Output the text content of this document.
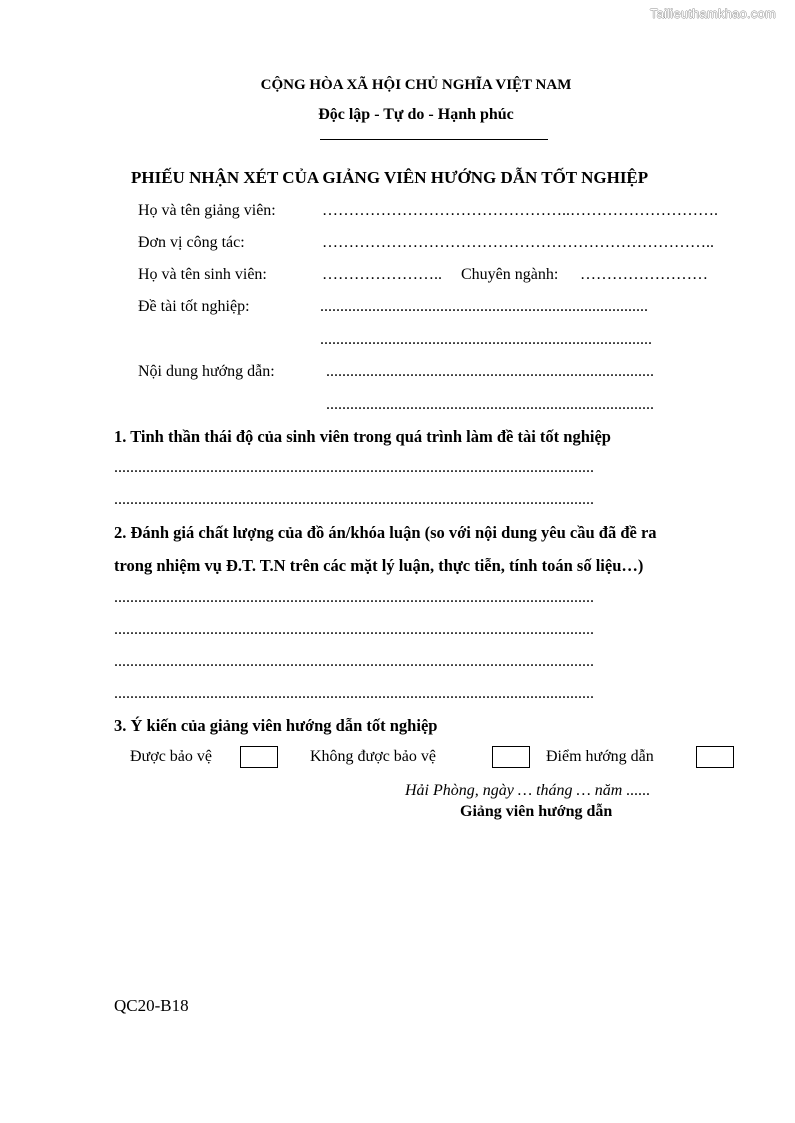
Tailieuthamkhao.com
CỘNG HÒA XÃ HỘI CHỦ NGHĨA VIỆT NAM
Độc lập - Tự do - Hạnh phúc
PHIẾU NHẬN XÉT CỦA GIẢNG VIÊN HƯỚNG DẪN TỐT NGHIỆP
Họ và tên giảng viên:	………………………………………..……………………….
Đơn vị công tác:	………………………………………………………………..
Họ và tên sinh viên:	………………….. Chuyên ngành: ……………………
Đề tài tốt nghiệp:	..................................................................................
...................................................................................
Nội dung hướng dẫn:	..................................................................................
..................................................................................
1. Tinh thần thái độ của sinh viên trong quá trình làm đề tài tốt nghiệp
........................................................................................................................
........................................................................................................................
2. Đánh giá chất lượng của đồ án/khóa luận (so với nội dung yêu cầu đã đề ra
trong nhiệm vụ Đ.T. T.N trên các mặt lý luận, thực tiễn, tính toán số liệu…)
........................................................................................................................
........................................................................................................................
........................................................................................................................
........................................................................................................................
3. Ý kiến của giảng viên hướng dẫn tốt nghiệp
Được bảo vệ	Không được bảo vệ	Điểm hướng dẫn
Hải Phòng, ngày … tháng … năm ......
Giảng viên hướng dẫn
QC20-B18
